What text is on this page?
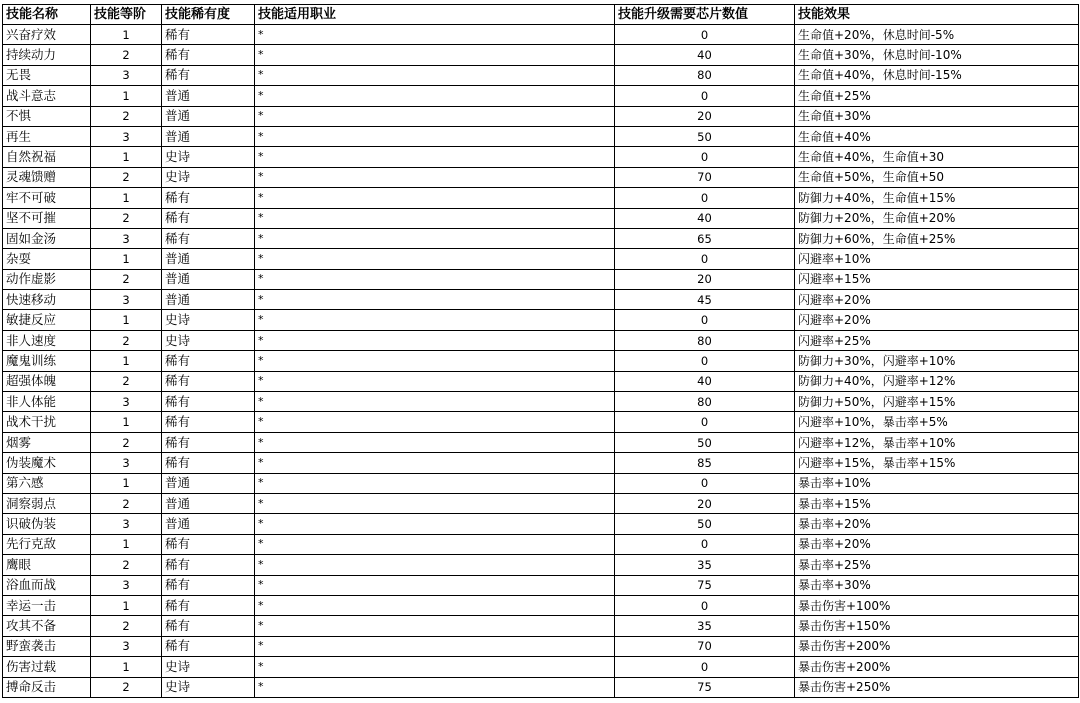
技能名称	技能等阶	技能稀有度	技能适用职业	技能升级需要芯片数值	技能效果
兴奋疗效	1	稀有	*	0	生命值+20%，休息时间-5%
持续动力	2	稀有	*	40	生命值+30%，休息时间-10%
无畏	3	稀有	*	80	生命值+40%，休息时间-15%
战斗意志	1	普通	*	0	生命值+25%
不惧	2	普通	*	20	生命值+30%
再生	3	普通	*	50	生命值+40%
自然祝福	1	史诗	*	0	生命值+40%，生命值+30
灵魂馈赠	2	史诗	*	70	生命值+50%，生命值+50
牢不可破	1	稀有	*	0	防御力+40%，生命值+15%
坚不可摧	2	稀有	*	40	防御力+20%，生命值+20%
固如金汤	3	稀有	*	65	防御力+60%，生命值+25%
杂耍	1	普通	*	0	闪避率+10%
动作虚影	2	普通	*	20	闪避率+15%
快速移动	3	普通	*	45	闪避率+20%
敏捷反应	1	史诗	*	0	闪避率+20%
非人速度	2	史诗	*	80	闪避率+25%
魔鬼训练	1	稀有	*	0	防御力+30%，闪避率+10%
超强体魄	2	稀有	*	40	防御力+40%，闪避率+12%
非人体能	3	稀有	*	80	防御力+50%，闪避率+15%
战术干扰	1	稀有	*	0	闪避率+10%，暴击率+5%
烟雾	2	稀有	*	50	闪避率+12%，暴击率+10%
伪装魔术	3	稀有	*	85	闪避率+15%，暴击率+15%
第六感	1	普通	*	0	暴击率+10%
洞察弱点	2	普通	*	20	暴击率+15%
识破伪装	3	普通	*	50	暴击率+20%
先行克敌	1	稀有	*	0	暴击率+20%
鹰眼	2	稀有	*	35	暴击率+25%
浴血而战	3	稀有	*	75	暴击率+30%
幸运一击	1	稀有	*	0	暴击伤害+100%
攻其不备	2	稀有	*	35	暴击伤害+150%
野蛮袭击	3	稀有	*	70	暴击伤害+200%
伤害过载	1	史诗	*	0	暴击伤害+200%
搏命反击	2	史诗	*	75	暴击伤害+250%
